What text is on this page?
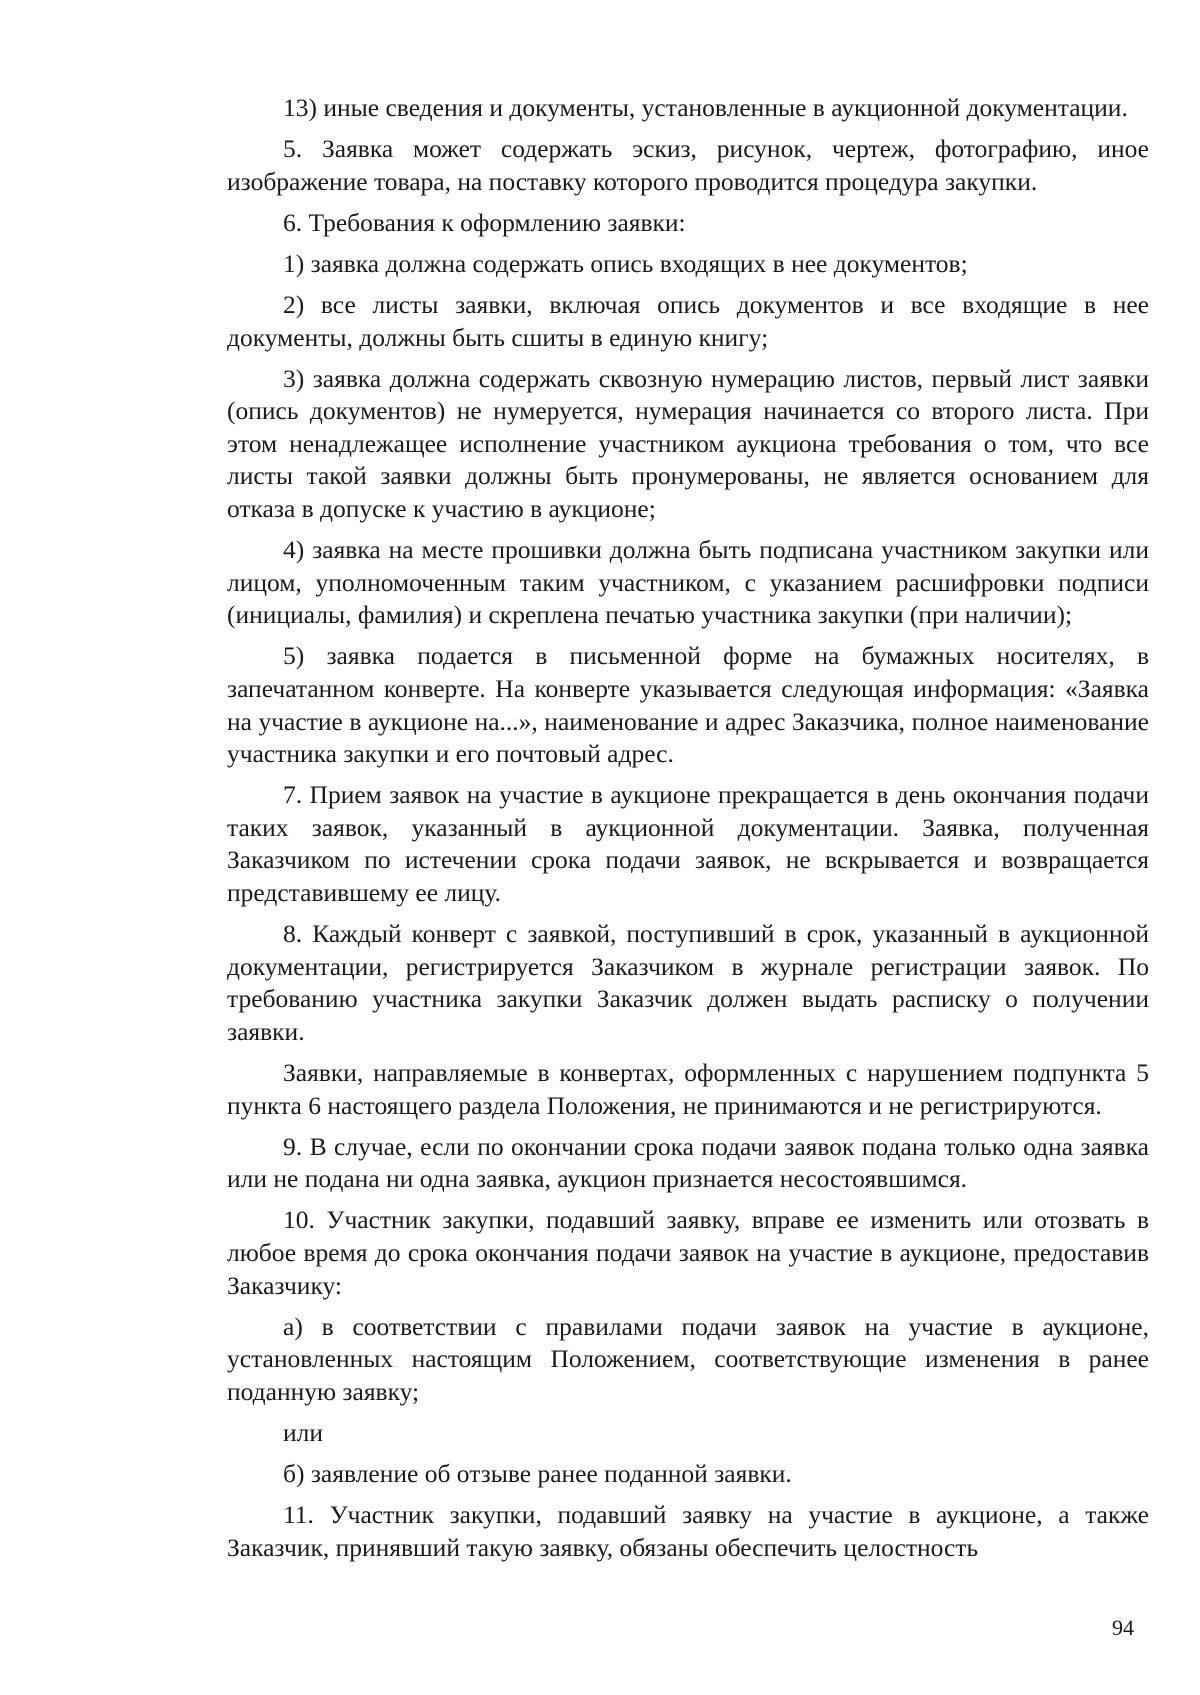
13) иные сведения и документы, установленные в аукционной документации.

5. Заявка может содержать эскиз, рисунок, чертеж, фотографию, иное изображение товара, на поставку которого проводится процедура закупки.

6. Требования к оформлению заявки:

1) заявка должна содержать опись входящих в нее документов;

2) все листы заявки, включая опись документов и все входящие в нее документы, должны быть сшиты в единую книгу;

3) заявка должна содержать сквозную нумерацию листов, первый лист заявки (опись документов) не нумеруется, нумерация начинается со второго листа. При этом ненадлежащее исполнение участником аукциона требования о том, что все листы такой заявки должны быть пронумерованы, не является основанием для отказа в допуске к участию в аукционе;

4) заявка на месте прошивки должна быть подписана участником закупки или лицом, уполномоченным таким участником, с указанием расшифровки подписи (инициалы, фамилия) и скреплена печатью участника закупки (при наличии);

5) заявка подается в письменной форме на бумажных носителях, в запечатанном конверте. На конверте указывается следующая информация: «Заявка на участие в аукционе на...», наименование и адрес Заказчика, полное наименование участника закупки и его почтовый адрес.

7. Прием заявок на участие в аукционе прекращается в день окончания подачи таких заявок, указанный в аукционной документации. Заявка, полученная Заказчиком по истечении срока подачи заявок, не вскрывается и возвращается представившему ее лицу.

8. Каждый конверт с заявкой, поступивший в срок, указанный в аукционной документации, регистрируется Заказчиком в журнале регистрации заявок. По требованию участника закупки Заказчик должен выдать расписку о получении заявки.

Заявки, направляемые в конвертах, оформленных с нарушением подпункта 5 пункта 6 настоящего раздела Положения, не принимаются и не регистрируются.

9. В случае, если по окончании срока подачи заявок подана только одна заявка или не подана ни одна заявка, аукцион признается несостоявшимся.

10. Участник закупки, подавший заявку, вправе ее изменить или отозвать в любое время до срока окончания подачи заявок на участие в аукционе, предоставив Заказчику:

а) в соответствии с правилами подачи заявок на участие в аукционе, установленных настоящим Положением, соответствующие изменения в ранее поданную заявку;

или

б) заявление об отзыве ранее поданной заявки.

11. Участник закупки, подавший заявку на участие в аукционе, а также Заказчик, принявший такую заявку, обязаны обеспечить целостность

94
